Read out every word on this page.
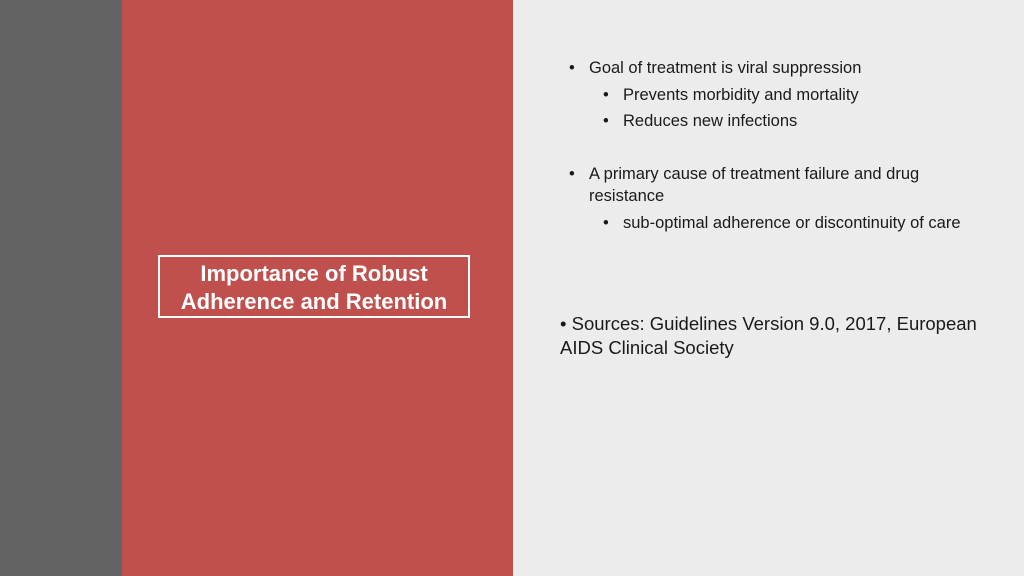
Importance of Robust
Adherence and Retention
• Goal of treatment is viral suppression
• Prevents morbidity and mortality
• Reduces new infections
• A primary cause of treatment failure and drug resistance
• sub-optimal adherence or discontinuity of care
• Sources: Guidelines Version 9.0, 2017, European AIDS Clinical Society
